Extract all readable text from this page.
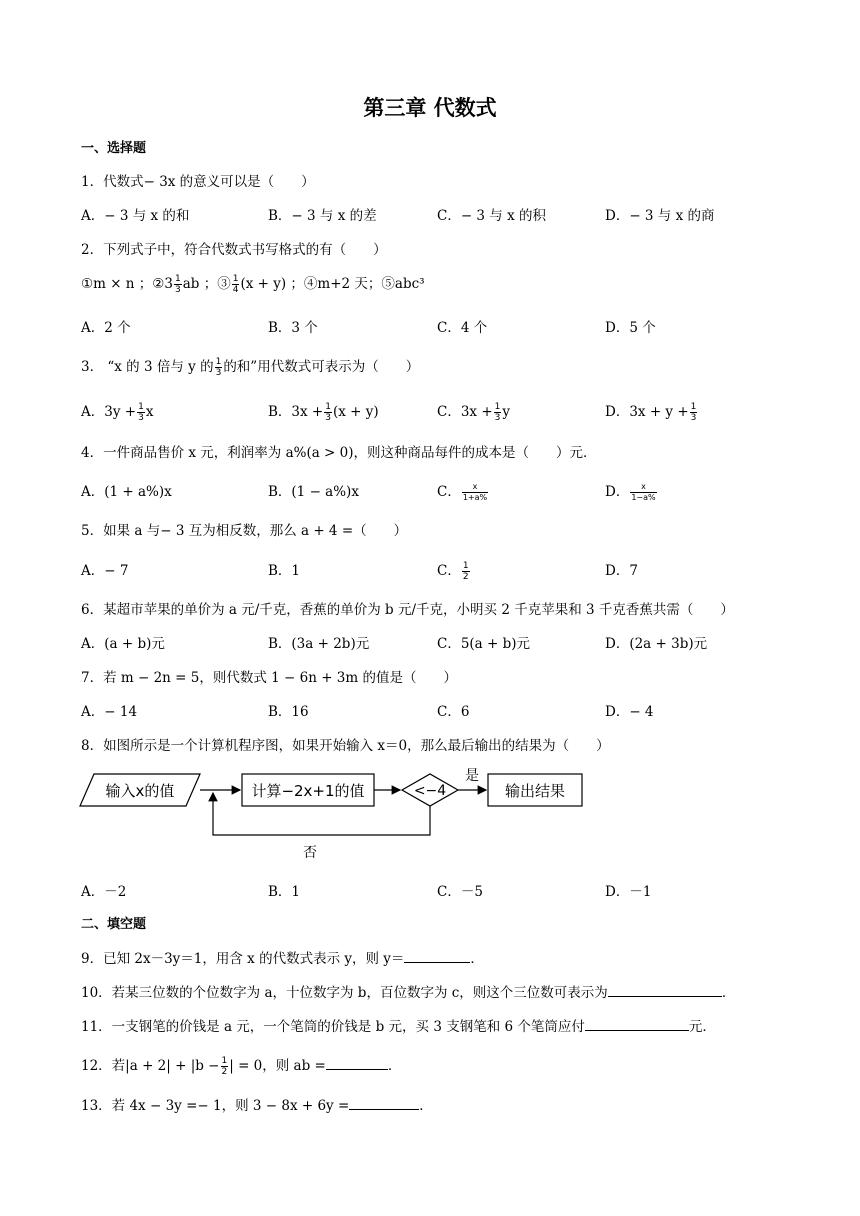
第三章 代数式
一、选择题
1．代数式− 3x 的意义可以是（　　）
A．− 3 与 x 的和	B．− 3 与 x 的差	C．− 3 与 x 的积	D．− 3 与 x 的商
2．下列式子中，符合代数式书写格式的有（　　）
①m × n ；②3 $\frac{1}{3}$ ab ；③ $\frac{1}{4} (x + y)$ ；④m+2 天；⑤abc³
A．2 个	B．3 个	C．4 个	D．5 个
3． “x 的 3 倍与 y 的 $\frac{1}{3}$ 的和”用代数式可表示为（　　）
A．$3y + \frac{1}{3}$ x	B．$3x + \frac{1}{3} (x + y)$	C．$3x + \frac{1}{3}$ y	D．$3x + y + \frac{1}{3}$
4．一件商品售价 x 元，利润率为 a%(a > 0)，则这种商品每件的成本是（　　）元．
A．(1 + a%)x	B．(1 − a%)x	C． $\frac{x}{1+a\%}$	D． $\frac{x}{1-a\%}$
5．如果 a 与− 3 互为相反数，那么 a + 4 =（　　）
A．− 7	B．1	C． $\frac{1}{2}$	D．7
6．某超市苹果的单价为 a 元/千克，香蕉的单价为 b 元/千克，小明买 2 千克苹果和 3 千克香蕉共需（　　）
A．(a + b)元	B．(3a + 2b)元	C．5(a + b)元	D．(2a + 3b)元
7．若 m − 2n = 5，则代数式 1 − 6n + 3m 的值是（　　）
A．− 14	B．16	C．6	D．− 4
8．如图所示是一个计算机程序图，如果开始输入 x＝0，那么最后输出的结果为（　　）
输入x的值	计算−2x+1的值	<−4
是
输出结果
否
A．－2	B．1	C．－5	D．－1
二、填空题
9．已知 2x－3y＝1，用含 x 的代数式表示 y，则 y＝	．
10．若某三位数的个位数字为 a，十位数字为 b，百位数字为 c，则这个三位数可表示为	．
11．一支钢笔的价钱是 a 元，一个笔筒的价钱是 b 元，买 3 支钢笔和 6 个笔筒应付	元．
12．若$|a + 2| + |b - \frac{1}{2}$ | = 0，则 ab =	．
13．若 4x − 3y =− 1，则 3 − 8x + 6y =	．
